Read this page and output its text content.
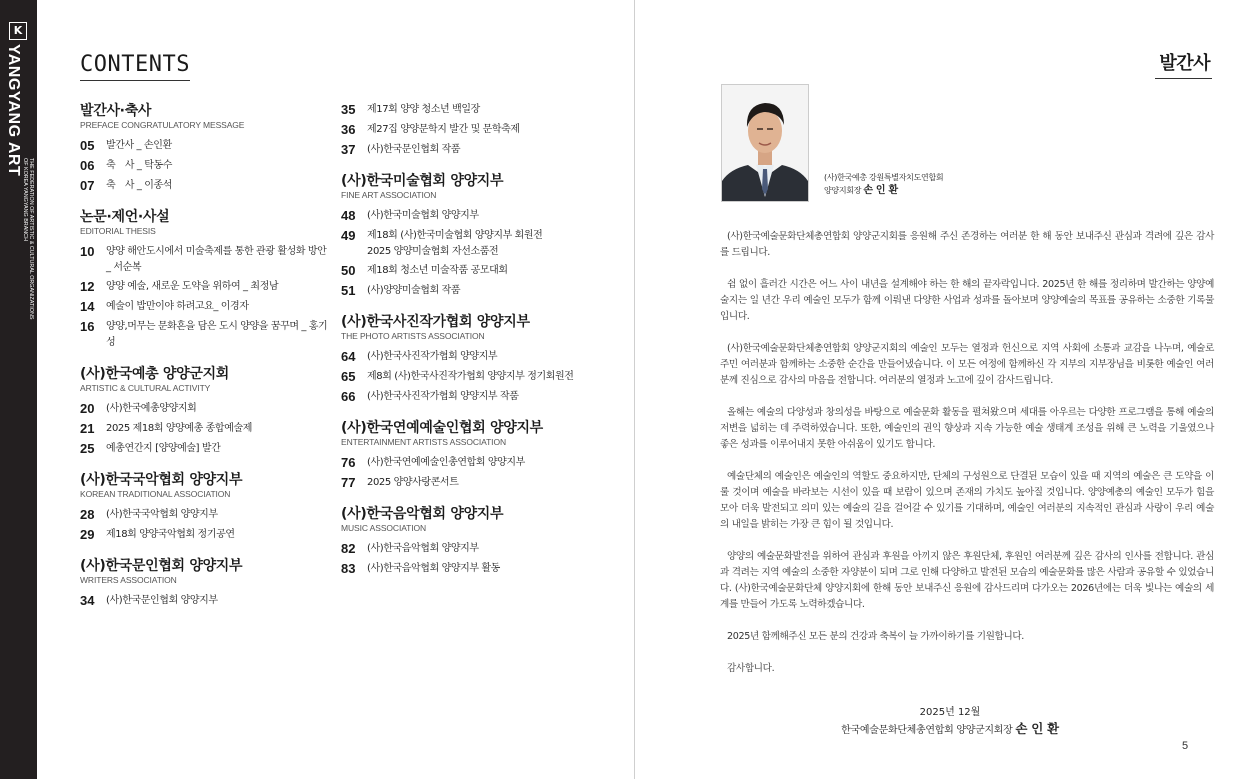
K
YANGYANG ART
THE FEDERATION OF ARTISTIC & CULTURAL ORGANIZATIONS
OF KOREA YANGYANG BRANCH
CONTENTS
발간사·축사
PREFACE CONGRATULATORY MESSAGE
05	발간사 _ 손인환
06	축　사 _ 탁동수
07	축　사 _ 이종석
논문·제언·사설
EDITORIAL THESIS
10	양양 해안도시에서 미술축제를 통한 관광 활성화 방안
_ 서순복
12	양양 예술, 새로운 도약을 위하여 _ 최정남
14	예술이 밥만이야 하려고요_ 이경자
16	양양,머무는 문화흔을 담은 도시 양양을 꿈꾸며 _ 홍기성
(사)한국예총 양양군지회
ARTISTIC & CULTURAL ACTIVITY
20	(사)한국예총양양지회
21	2025 제18회 양양예총 종합예술제
25	예총연간지 [양양예술] 발간
(사)한국국악협회 양양지부
KOREAN TRADITIONAL ASSOCIATION
28	(사)한국국악협회 양양지부
29	제18회 양양국악협회 정기공연
(사)한국문인협회 양양지부
WRITERS ASSOCIATION
34	(사)한국문인협회 양양지부
35	제17회 양양 청소년 백일장
36	제27집 양양문학지 발간 및 문학축제
37	(사)한국문인협회 작품
(사)한국미술협회 양양지부
FINE ART ASSOCIATION
48	(사)한국미술협회 양양지부
49	제18회 (사)한국미술협회 양양지부 회원전
2025 양양미술협회 자선소품전
50	제18회 청소년 미술작품 공모대회
51	(사)양양미술협회 작품
(사)한국사진작가협회 양양지부
THE PHOTO ARTISTS ASSOCIATION
64	(사)한국사진작가협회 양양지부
65	제8회 (사)한국사진작가협회 양양지부 정기회원전
66	(사)한국사진작가협회 양양지부 작품
(사)한국연예예술인협회 양양지부
ENTERTAINMENT ARTISTS ASSOCIATION
76	(사)한국연예예술인총연합회 양양지부
77	2025 양양사랑콘서트
(사)한국음악협회 양양지부
MUSIC ASSOCIATION
82	(사)한국음악협회 양양지부
83	(사)한국음악협회 양양지부 활동
발간사
(사)한국예총 강원특별자치도연합회
양양지회장 손 인 환

(사)한국예술문화단체총연합회 양양군지회를 응원해 주신 존경하는 여러분 한 해 동안 보내주신 관심과 격려에 깊은 감사를 드립니다.

쉼 없이 흘러간 시간은 어느 사이 내년을 설계해야 하는 한 해의 끝자락입니다. 2025년 한 해를 정리하며 발간하는 양양예술지는 일 년간 우리 예술인 모두가 함께 이뤄낸 다양한 사업과 성과를 돌아보며 양양예술의 목표를 공유하는 소중한 기록물입니다.

(사)한국예술문화단체총연합회 양양군지회의 예술인 모두는 열정과 헌신으로 지역 사회에 소통과 교감을 나누며, 예술로 주민 여러분과 함께하는 소중한 순간을 만들어냈습니다. 이 모든 여정에 함께하신 각 지부의 지부장님을 비롯한 예술인 여러분께 진심으로 감사의 마음을 전합니다. 여러분의 열정과 노고에 깊이 감사드립니다.

올해는 예술의 다양성과 창의성을 바탕으로 예술문화 활동을 펼쳐왔으며 세대를 아우르는 다양한 프로그램을 통해 예술의 저변을 넓히는 데 주력하였습니다. 또한, 예술인의 권익 향상과 지속 가능한 예술 생태계 조성을 위해 큰 노력을 기울였으나 좋은 성과를 이루어내지 못한 아쉬움이 있기도 합니다.

예술단체의 예술인은 예술인의 역할도 중요하지만, 단체의 구성원으로 단결된 모습이 있을 때 지역의 예술은 큰 도약을 이룰 것이며 예술을 바라보는 시선이 있을 때 보람이 있으며 존재의 가치도 높아질 것입니다. 양양예총의 예술인 모두가 힘을 모아 더욱 발전되고 의미 있는 예술의 길을 걸어갈 수 있기를 기대하며, 예술인 여러분의 지속적인 관심과 사랑이 우리 예술의 내일을 밝히는 가장 큰 힘이 될 것입니다.

양양의 예술문화발전을 위하여 관심과 후원을 아끼지 않은 후원단체, 후원인 여러분께 깊은 감사의 인사를 전합니다. 관심과 격려는 지역 예술의 소중한 자양분이 되며 그로 인해 다양하고 발전된 모습의 예술문화를 많은 사람과 공유할 수 있었습니다. (사)한국예술문화단체 양양지회에 한해 동안 보내주신 응원에 감사드리며 다가오는 2026년에는 더욱 빛나는 예술의 세계를 만들어 가도록 노력하겠습니다.

2025년 함께해주신 모든 분의 건강과 축복이 늘 가까이하기를 기원합니다.

감사합니다.

2025년 12월
한국예술문화단체총연합회 양양군지회장 손 인 환
5
